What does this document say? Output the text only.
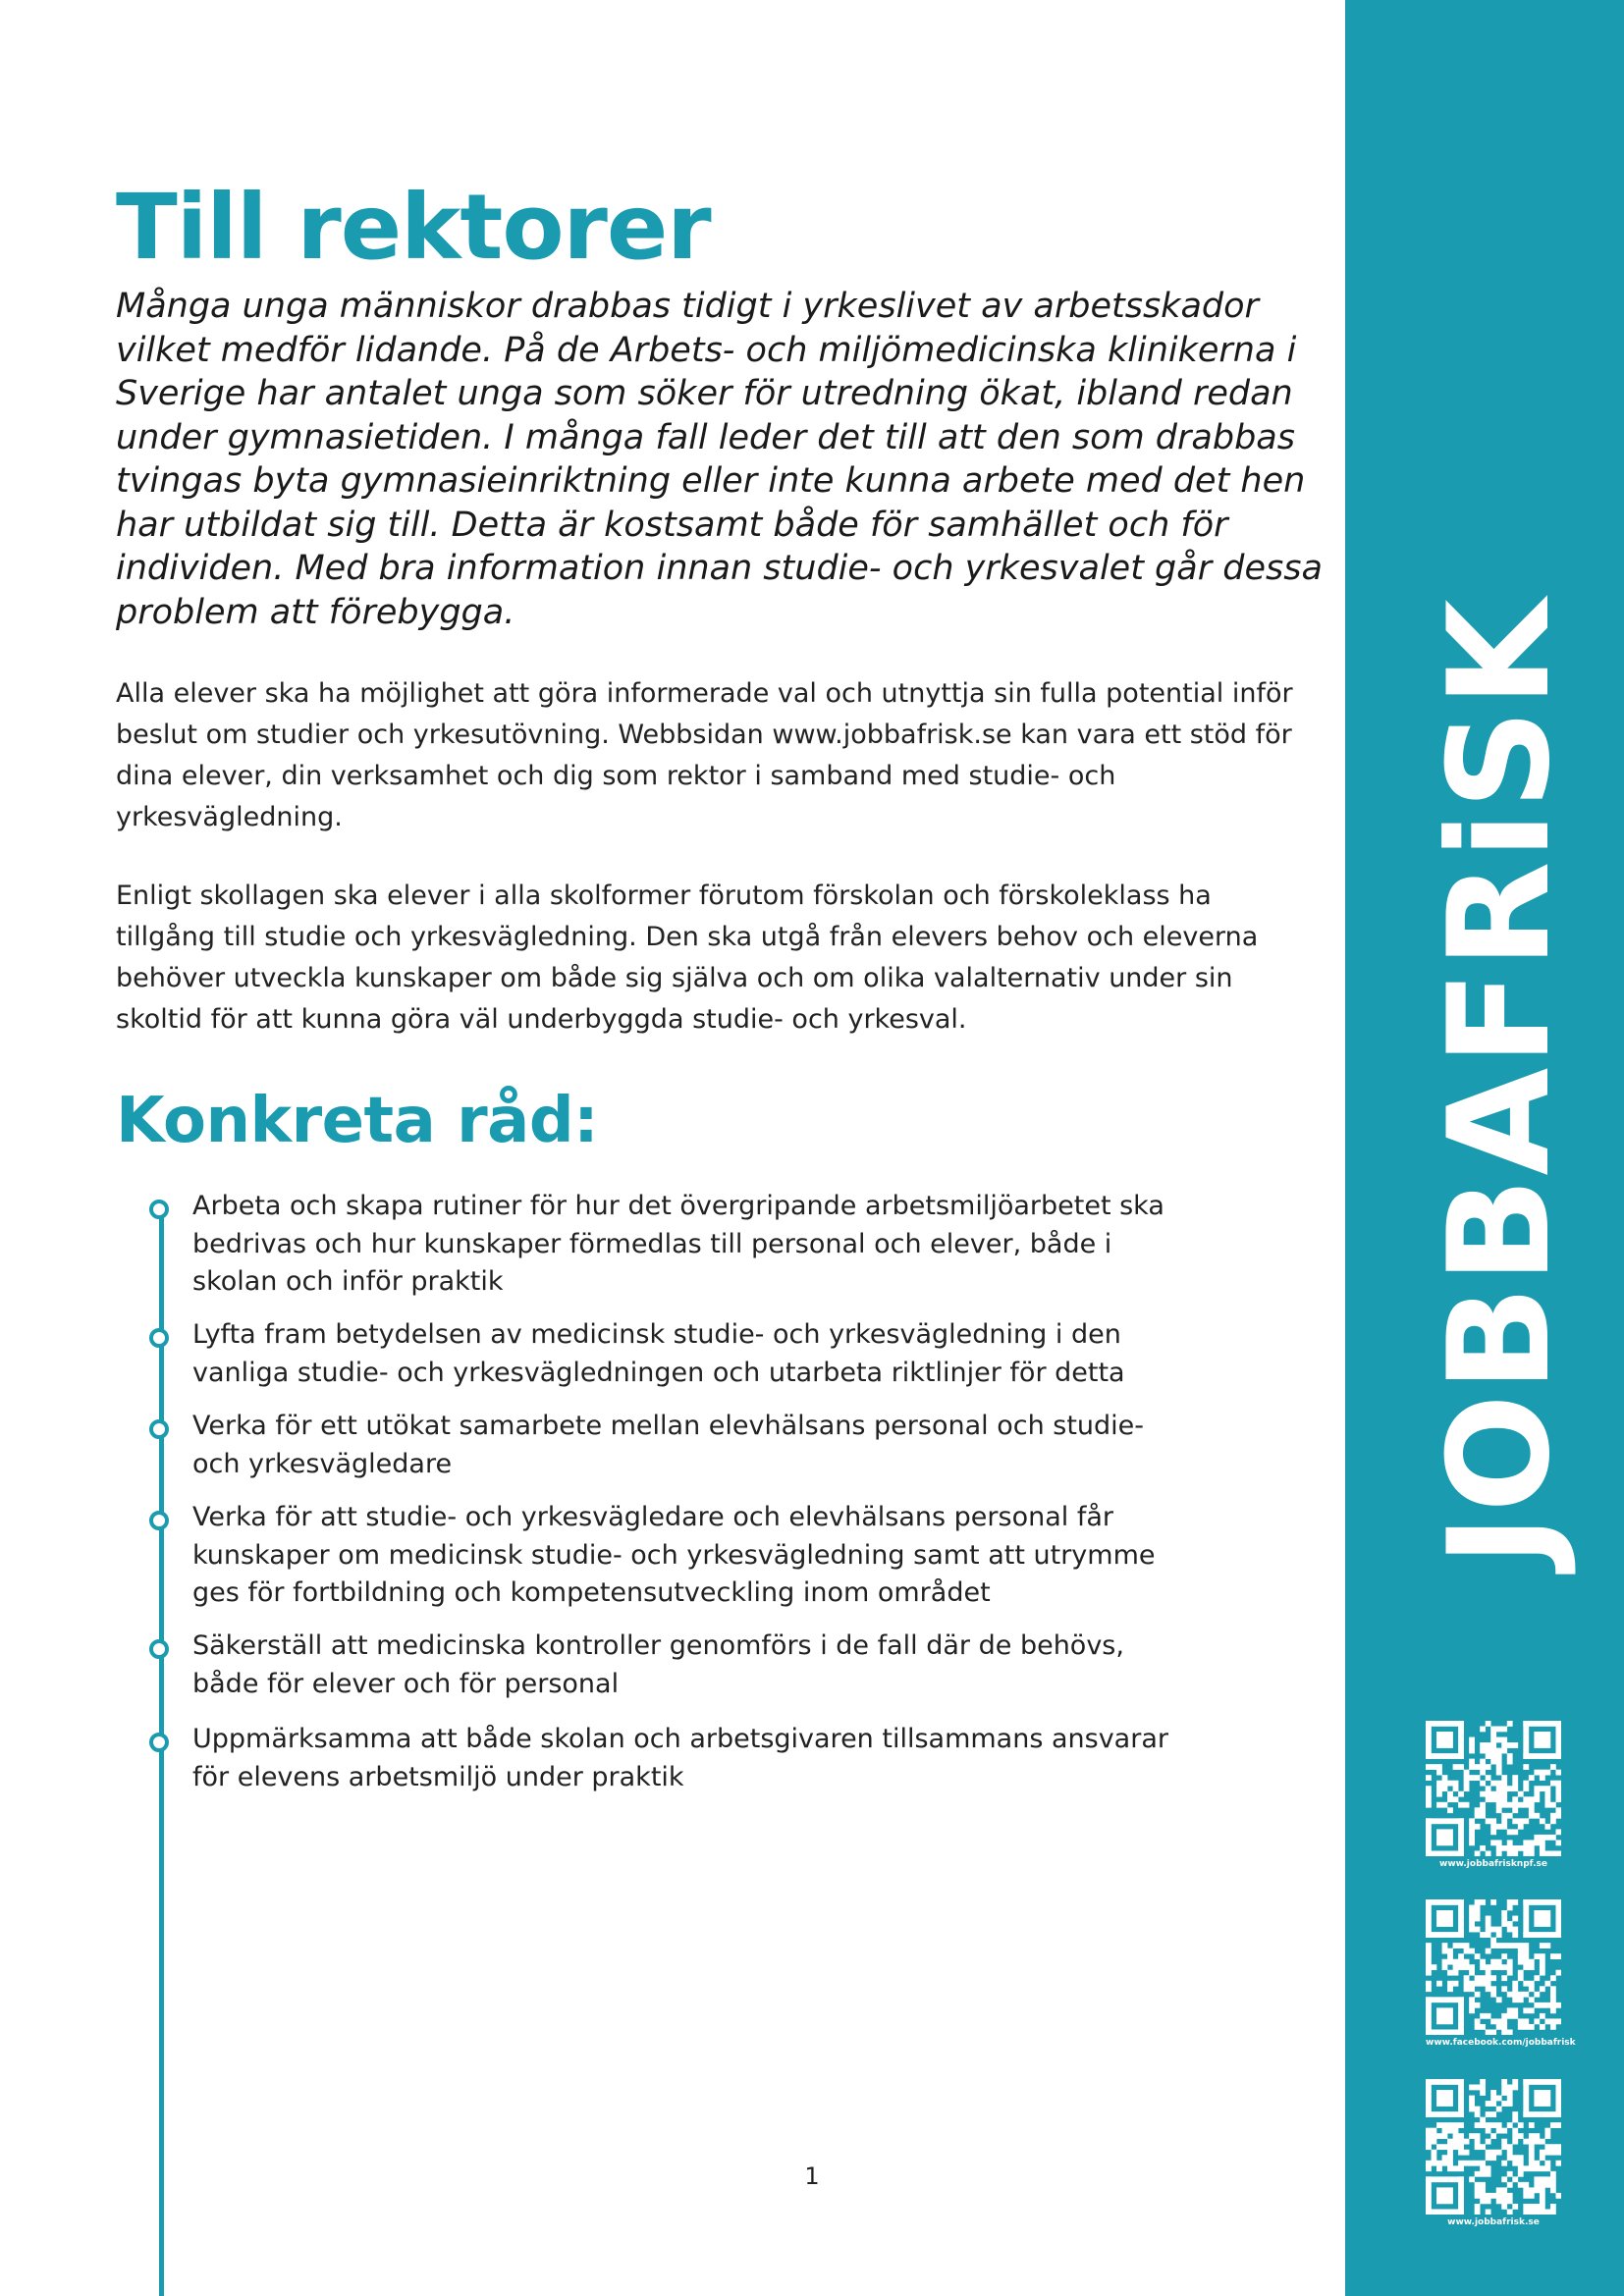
Till rektorer

Många unga människor drabbas tidigt i yrkeslivet av arbetsskador vilket medför lidande. På de Arbets- och miljömedicinska klinikerna i Sverige har antalet unga som söker för utredning ökat, ibland redan under gymnasietiden. I många fall leder det till att den som drabbas tvingas byta gymnasieinriktning eller inte kunna arbete med det hen har utbildat sig till. Detta är kostsamt både för samhället och för individen. Med bra information innan studie- och yrkesvalet går dessa problem att förebygga.

Alla elever ska ha möjlighet att göra informerade val och utnyttja sin fulla potential inför beslut om studier och yrkesutövning. Webbsidan www.jobbafrisk.se kan vara ett stöd för dina elever, din verksamhet och dig som rektor i samband med studie- och yrkesvägledning.

Enligt skollagen ska elever i alla skolformer förutom förskolan och förskoleklass ha tillgång till studie och yrkesvägledning. Den ska utgå från elevers behov och eleverna behöver utveckla kunskaper om både sig själva och om olika valalternativ under sin skoltid för att kunna göra väl underbyggda studie- och yrkesval.

Konkreta råd:
Arbeta och skapa rutiner för hur det övergripande arbetsmiljöarbetet ska bedrivas och hur kunskaper förmedlas till personal och elever, både i skolan och inför praktik
Lyfta fram betydelsen av medicinsk studie- och yrkesvägledning i den vanliga studie- och yrkesvägledningen och utarbeta riktlinjer för detta
Verka för ett utökat samarbete mellan elevhälsans personal och studie- och yrkesvägledare
Verka för att studie- och yrkesvägledare och elevhälsans personal får kunskaper om medicinsk studie- och yrkesvägledning samt att utrymme ges för fortbildning och kompetensutveckling inom området
Säkerställ att medicinska kontroller genomförs i de fall där de behövs, både för elever och för personal
Uppmärksamma att både skolan och arbetsgivaren tillsammans ansvarar för elevens arbetsmiljö under praktik
1
JOBBAFRiSK
www.jobbafrisknpf.se
www.facebook.com/jobbafrisk
www.jobbafrisk.se
